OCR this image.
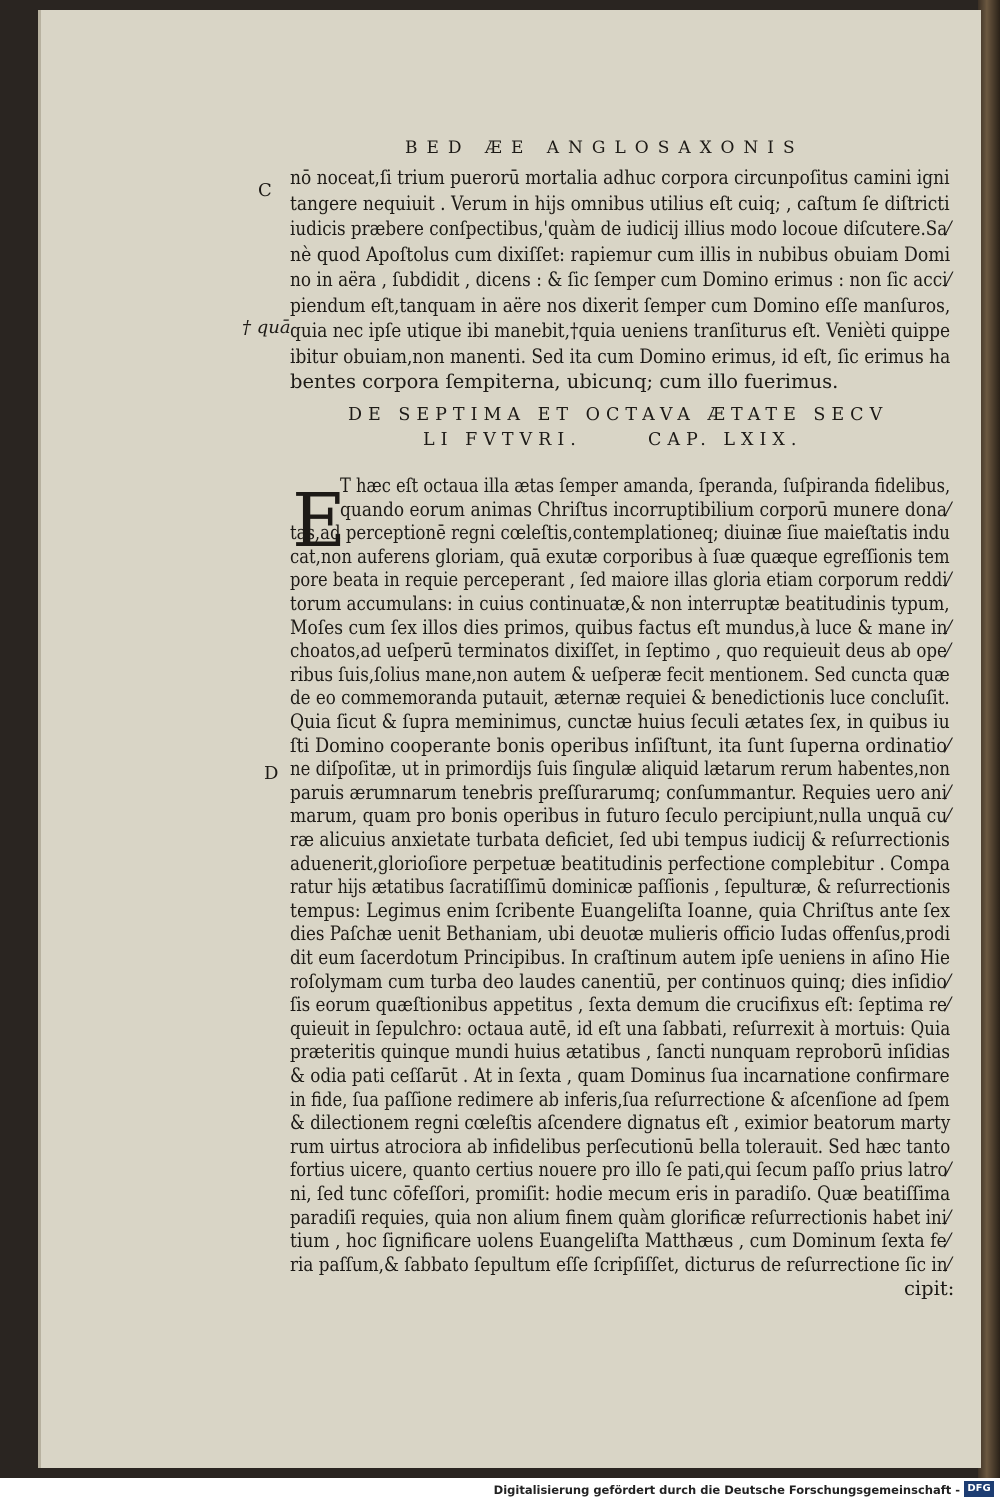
BED ÆE ANGLOSAXONIS
C
† quā
D
nō noceat,ſi trium puerorū mortalia adhuc corpora circunpoſitus camini igni
tangere nequiuit . Verum in hijs omnibus utilius eſt cuiq; , caſtum ſe diſtricti
iudicis præbere conſpectibus,'quàm de iudicij illius modo locoue diſcutere.Sa⁄
nè quod Apoſtolus cum dixiſſet: rapiemur cum illis in nubibus obuiam Domi
no in aëra , ſubdidit , dicens : & ſic ſemper cum Domino erimus : non ſic acci⁄
piendum eſt,tanquam in aëre nos dixerit ſemper cum Domino eſſe manſuros,
quia nec ipſe utique ibi manebit,†quia ueniens tranſiturus eſt. Venièti quippe
ibitur obuiam,non manenti. Sed ita cum Domino erimus, id eſt, ſic erimus ha
bentes corpora ſempiterna, ubicunq; cum illo fuerimus.
DE SEPTIMA ET OCTAVA ÆTATE SECV
LI FVTVRI.	CAP. LXIX.
E
T hæc eſt octaua illa ætas ſemper amanda, ſperanda, ſuſpiranda fidelibus,
quando eorum animas Chriſtus incorruptibilium corporū munere dona⁄
tas,ad perceptionē regni cœleſtis,contemplationeq; diuinæ ſiue maieſtatis indu
cat,non auferens gloriam, quā exutæ corporibus à ſuæ quæque egreſſionis tem
pore beata in requie perceperant , ſed maiore illas gloria etiam corporum reddi⁄
torum accumulans: in cuius continuatæ,& non interruptæ beatitudinis typum,
Moſes cum ſex illos dies primos, quibus factus eſt mundus,à luce & mane in⁄
choatos,ad ueſperū terminatos dixiſſet, in ſeptimo , quo requieuit deus ab ope⁄
ribus ſuis,ſolius mane,non autem & ueſperæ fecit mentionem. Sed cuncta quæ
de eo commemoranda putauit, æternæ requiei & benedictionis luce concluſit.
Quia ſicut & ſupra meminimus, cunctæ huius ſeculi ætates ſex, in quibus iu
ſti Domino cooperante bonis operibus inſiſtunt, ita ſunt ſuperna ordinatio⁄
ne diſpoſitæ, ut in primordijs ſuis ſingulæ aliquid lætarum rerum habentes,non
paruis ærumnarum tenebris preſſurarumq; conſummantur. Requies uero ani⁄
marum, quam pro bonis operibus in futuro ſeculo percipiunt,nulla unquā cu⁄
ræ alicuius anxietate turbata deficiet, ſed ubi tempus iudicij & reſurrectionis
aduenerit,glorioſiore perpetuæ beatitudinis perfectione complebitur . Compa
ratur hijs ætatibus ſacratiſſimū dominicæ paſſionis , ſepulturæ, & reſurrectionis
tempus: Legimus enim ſcribente Euangeliſta Ioanne, quia Chriſtus ante ſex
dies Paſchæ uenit Bethaniam, ubi deuotæ mulieris officio Iudas offenſus,prodi
dit eum ſacerdotum Principibus. In craſtinum autem ipſe ueniens in aſino Hie
roſolymam cum turba deo laudes canentiū, per continuos quinq; dies inſidio⁄
ſis eorum quæſtionibus appetitus , ſexta demum die crucifixus eſt: ſeptima re⁄
quieuit in ſepulchro: octaua autē, id eſt una ſabbati, reſurrexit à mortuis: Quia
præteritis quinque mundi huius ætatibus , ſancti nunquam reproborū inſidias
& odia pati ceſſarūt . At in ſexta , quam Dominus ſua incarnatione confirmare
in fide, ſua paſſione redimere ab inferis,ſua reſurrectione & aſcenſione ad ſpem
& dilectionem regni cœleſtis aſcendere dignatus eſt , eximior beatorum marty
rum uirtus atrociora ab infidelibus perſecutionū bella tolerauit. Sed hæc tanto
fortius uicere, quanto certius nouere pro illo ſe pati,qui ſecum paſſo prius latro⁄
ni, ſed tunc cōfeſſori, promiſit: hodie mecum eris in paradiſo. Quæ beatiſſima
paradiſi requies, quia non alium finem quàm glorificæ reſurrectionis habet ini⁄
tium , hoc ſignificare uolens Euangeliſta Matthæus , cum Dominum ſexta fe⁄
ria paſſum,& ſabbato ſepultum eſſe ſcripſiſſet, dicturus de reſurrectione ſic in⁄
cipit:
Digitalisierung gefördert durch die Deutsche Forschungsgemeinschaft - DFG
